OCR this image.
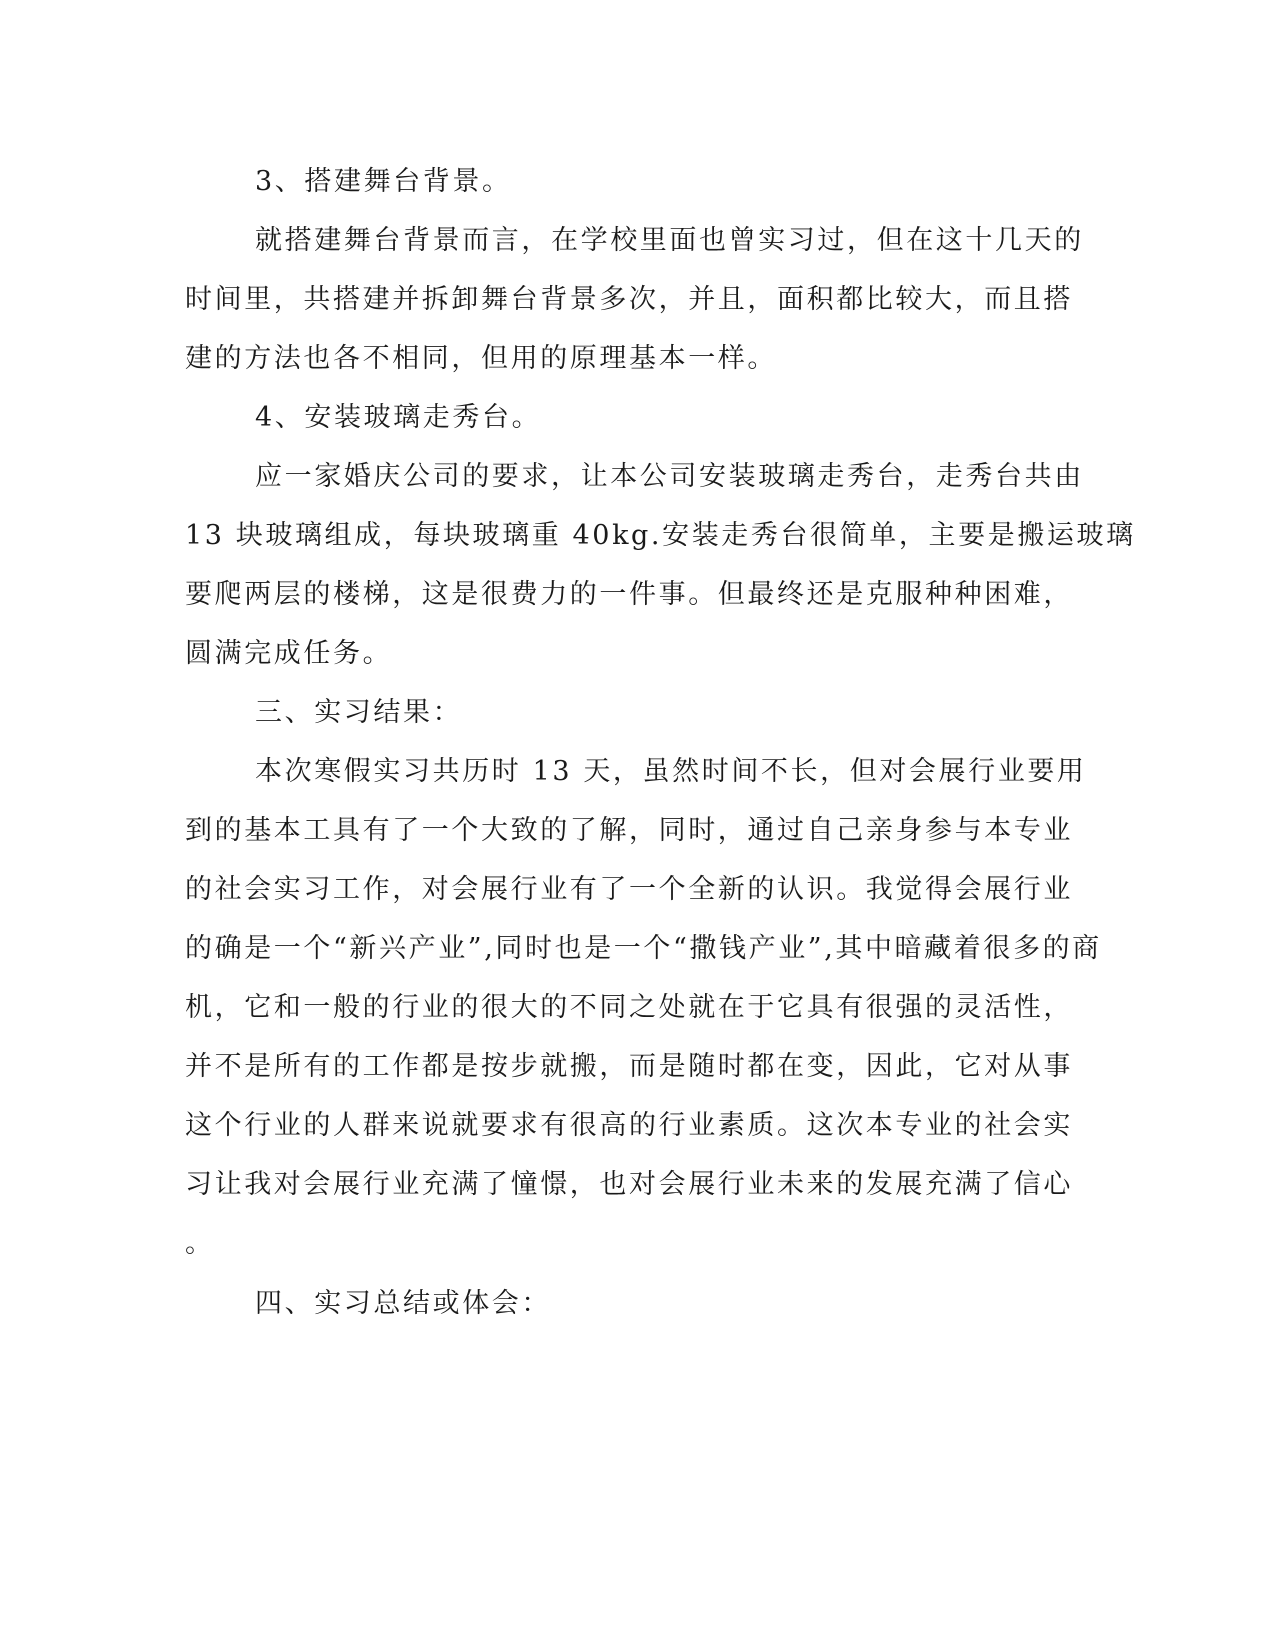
3、搭建舞台背景。

就搭建舞台背景而言，在学校里面也曾实习过，但在这十几天的

时间里，共搭建并拆卸舞台背景多次，并且，面积都比较大，而且搭

建的方法也各不相同，但用的原理基本一样。

4、安装玻璃走秀台。

应一家婚庆公司的要求，让本公司安装玻璃走秀台，走秀台共由

13 块玻璃组成，每块玻璃重 40kg.安装走秀台很简单，主要是搬运玻璃

要爬两层的楼梯，这是很费力的一件事。但最终还是克服种种困难，

圆满完成任务。

三、实习结果：

本次寒假实习共历时 13 天，虽然时间不长，但对会展行业要用

到的基本工具有了一个大致的了解，同时，通过自己亲身参与本专业

的社会实习工作，对会展行业有了一个全新的认识。我觉得会展行业

的确是一个“新兴产业”,同时也是一个“撒钱产业”,其中暗藏着很多的商

机，它和一般的行业的很大的不同之处就在于它具有很强的灵活性，

并不是所有的工作都是按步就搬，而是随时都在变，因此，它对从事

这个行业的人群来说就要求有很高的行业素质。这次本专业的社会实

习让我对会展行业充满了憧憬，也对会展行业未来的发展充满了信心

。

四、实习总结或体会：
